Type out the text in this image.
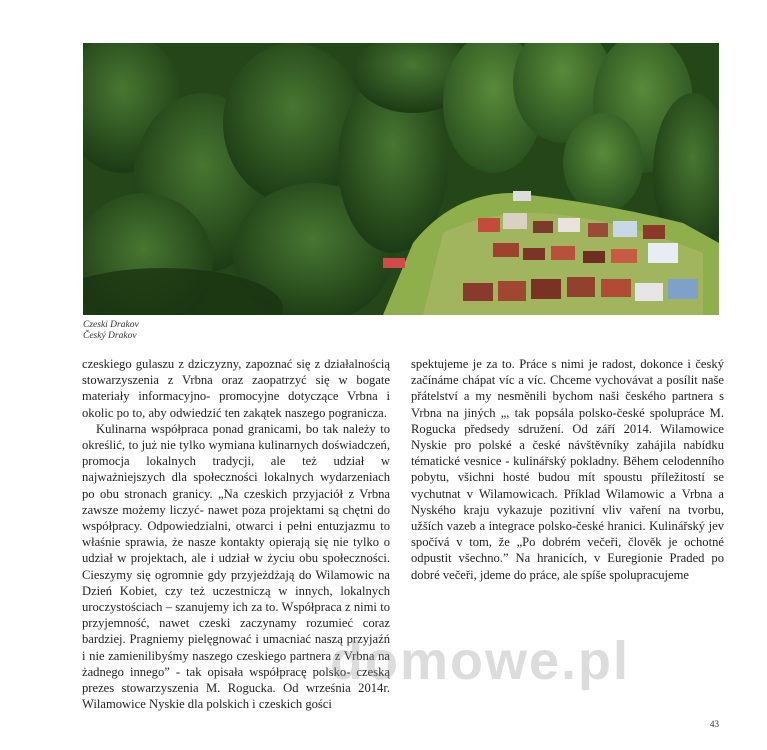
Czeski Drakov
Český Drakov

czeskiego gulaszu z dziczyzny, zapoznać się z działalnością stowarzyszenia z Vrbna oraz zaopatrzyć się w bogate materiały informacyjno- promocyjne dotyczące Vrbna i okolic po to, aby odwiedzić ten zakątek naszego pogranicza.

Kulinarna współpraca ponad granicami, bo tak należy to określić, to już nie tylko wymiana kulinarnych doświadczeń, promocja lokalnych tradycji, ale też udział w najważniejszych dla społeczności lokalnych wydarzeniach po obu stronach granicy. „Na czeskich przyjaciół z Vrbna zawsze możemy liczyć- nawet poza projektami są chętni do współpracy. Odpowiedzialni, otwarci i pełni entuzjazmu to właśnie sprawia, że nasze kontakty opierają się nie tylko o udział w projektach, ale i udział w życiu obu społeczności. Cieszymy się ogromnie gdy przyjeżdżają do Wilamowic na Dzień Kobiet, czy też uczestniczą w innych, lokalnych uroczystościach – szanujemy ich za to. Współpraca z nimi to przyjemność, nawet czeski zaczynamy rozumieć coraz bardziej. Pragniemy pielęgnować i umacniać naszą przyjaźń i nie zamienilibyśmy naszego czeskiego partnera z Vrbna na żadnego innego” - tak opisała współpracę polsko- czeską prezes stowarzyszenia M. Rogucka. Od września 2014r. Wilamowice Nyskie dla polskich i czeskich gości

spektujeme je za to. Práce s nimi je radost, dokonce i český začínáme chápat víc a víc. Chceme vychovávat a posílit naše přátelství a my nesměnili bychom naši českého partnera s Vrbna na jiných „, tak popsála polsko-české spolupráce M. Rogucka předsedy sdružení. Od září 2014. Wilamowice Nyskie pro polské a české návštěvníky zahájila nabídku tématické vesnice - kulinářský pokladny. Během celodenního pobytu, všichni hosté budou mít spoustu příležitostí se vychutnat v Wilamowicach. Příklad Wilamowic a Vrbna a Nyského kraju vykazuje pozitivní vliv vaření na tvorbu, užších vazeb a integrace polsko-české hranici. Kulinářský jev spočívá v tom, že „Po dobrém večeři, člověk je ochotné odpustit všechno.” Na hranicích, v Euregionie Praded po dobré večeři, jdeme do práce, ale spíše spolupracujeme

domowe.pl
43
